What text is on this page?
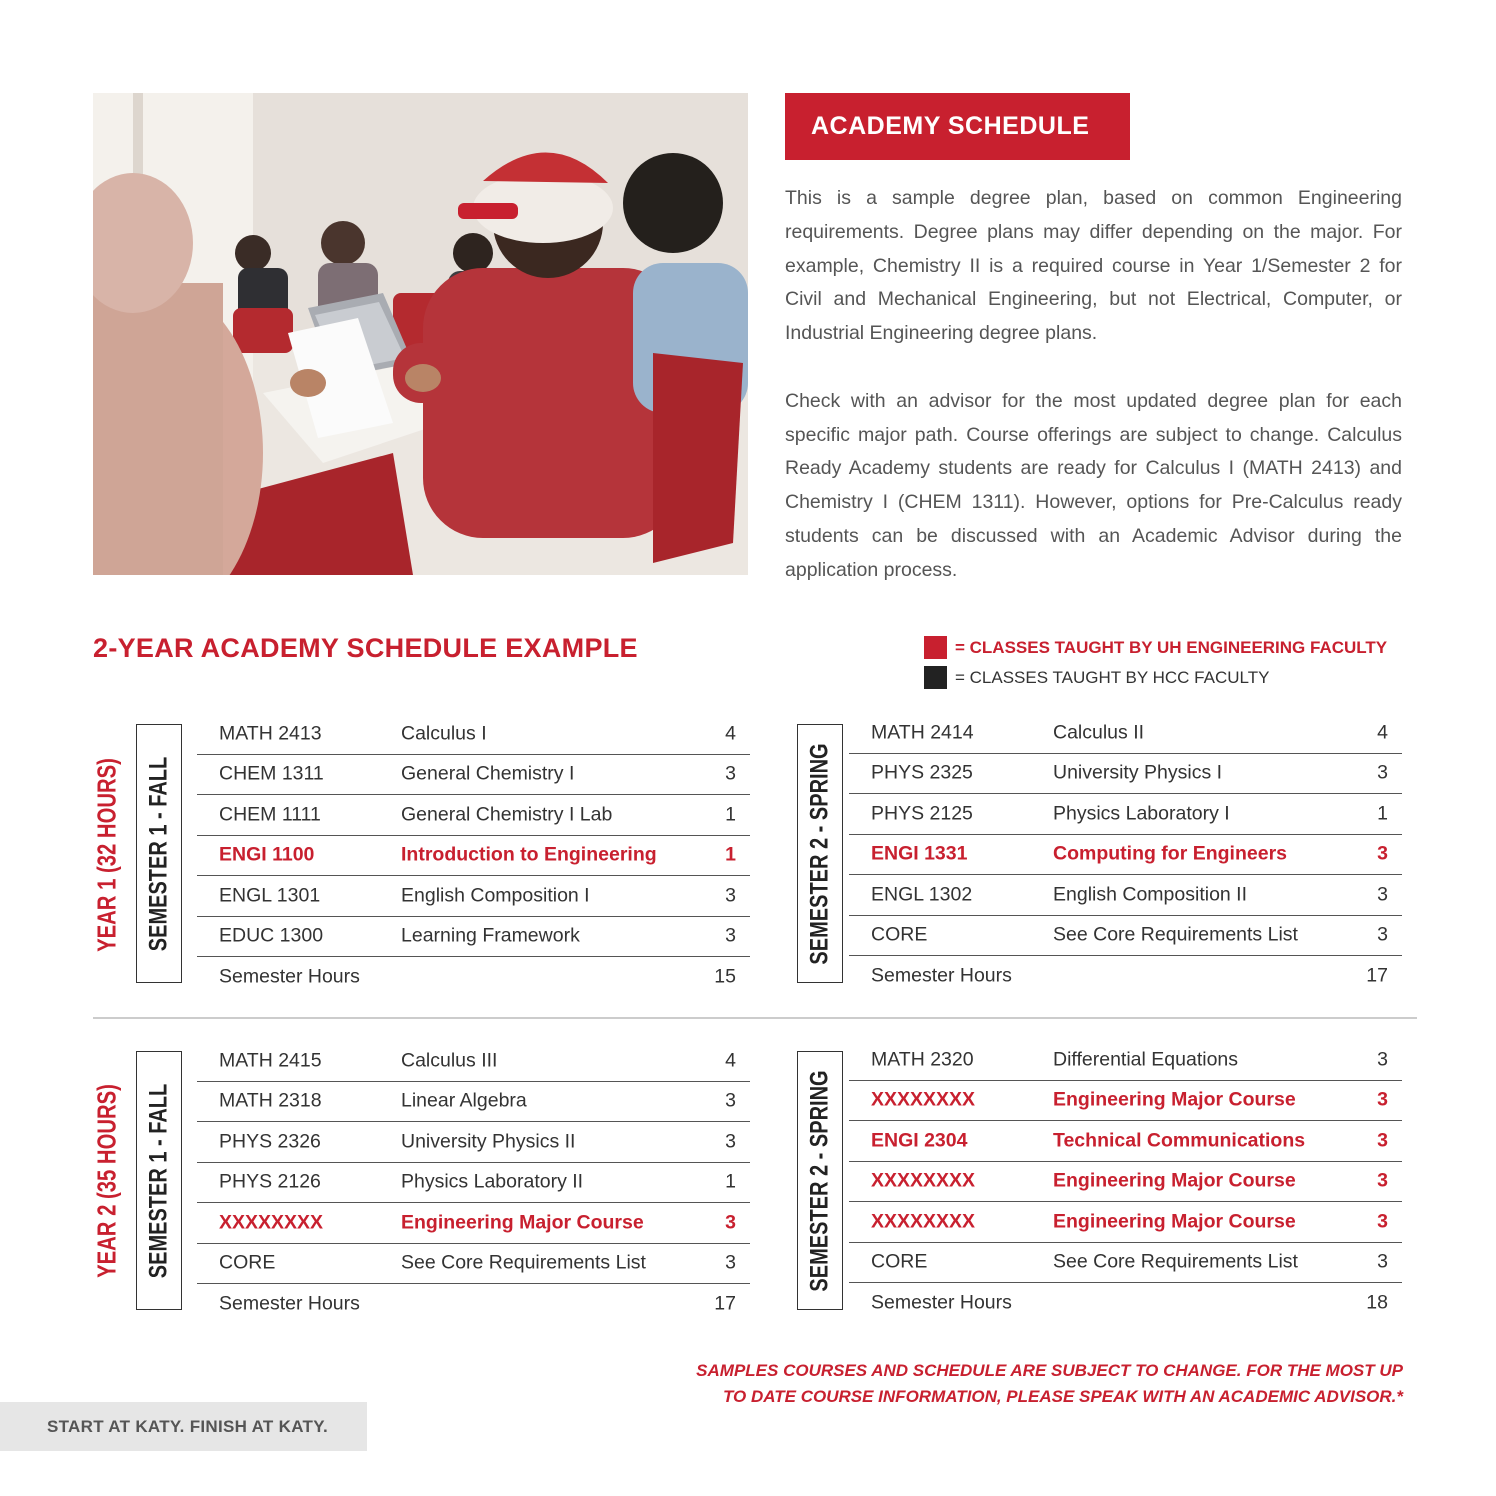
ACADEMY SCHEDULE

This is a sample degree plan, based on common Engineering requirements. Degree plans may differ depending on the major. For example, Chemistry II is a required course in Year 1/Semester 2 for Civil and Mechanical Engineering, but not Electrical, Computer, or Industrial Engineering degree plans.

Check with an advisor for the most updated degree plan for each specific major path. Course offerings are subject to change. Calculus Ready Academy students are ready for Calculus I (MATH 2413) and Chemistry I (CHEM 1311). However, options for Pre-Calculus ready students can be discussed with an Academic Advisor during the application process.

2-YEAR ACADEMY SCHEDULE EXAMPLE	= CLASSES TAUGHT BY UH ENGINEERING FACULTY
= CLASSES TAUGHT BY HCC FACULTY
YEAR 1 (32 HOURS)
YEAR 2 (35 HOURS)
SEMESTER 1 - FALL	SEMESTER 2 - SPRING
SEMESTER 1 - FALL	SEMESTER 2 - SPRING
MATH 2413	Calculus I	4
CHEM 1311	General Chemistry I	3
CHEM 1111	General Chemistry I Lab	1
ENGI 1100	Introduction to Engineering	1
ENGL 1301	English Composition I	3
EDUC 1300	Learning Framework	3
Semester Hours	15
MATH 2414	Calculus II	4
PHYS 2325	University Physics I	3
PHYS 2125	Physics Laboratory I	1
ENGI 1331	Computing for Engineers	3
ENGL 1302	English Composition II	3
CORE	See Core Requirements List	3
Semester Hours	17
MATH 2415	Calculus III	4
MATH 2318	Linear Algebra	3
PHYS 2326	University Physics II	3
PHYS 2126	Physics Laboratory II	1
XXXXXXXX	Engineering Major Course	3
CORE	See Core Requirements List	3
Semester Hours	17
MATH 2320	Differential Equations	3
XXXXXXXX	Engineering Major Course	3
ENGI 2304	Technical Communications	3
XXXXXXXX	Engineering Major Course	3
XXXXXXXX	Engineering Major Course	3
CORE	See Core Requirements List	3
Semester Hours	18
SAMPLES COURSES AND SCHEDULE ARE SUBJECT TO CHANGE. FOR THE MOST UP TO DATE COURSE INFORMATION, PLEASE SPEAK WITH AN ACADEMIC ADVISOR.*
START AT KATY. FINISH AT KATY.
